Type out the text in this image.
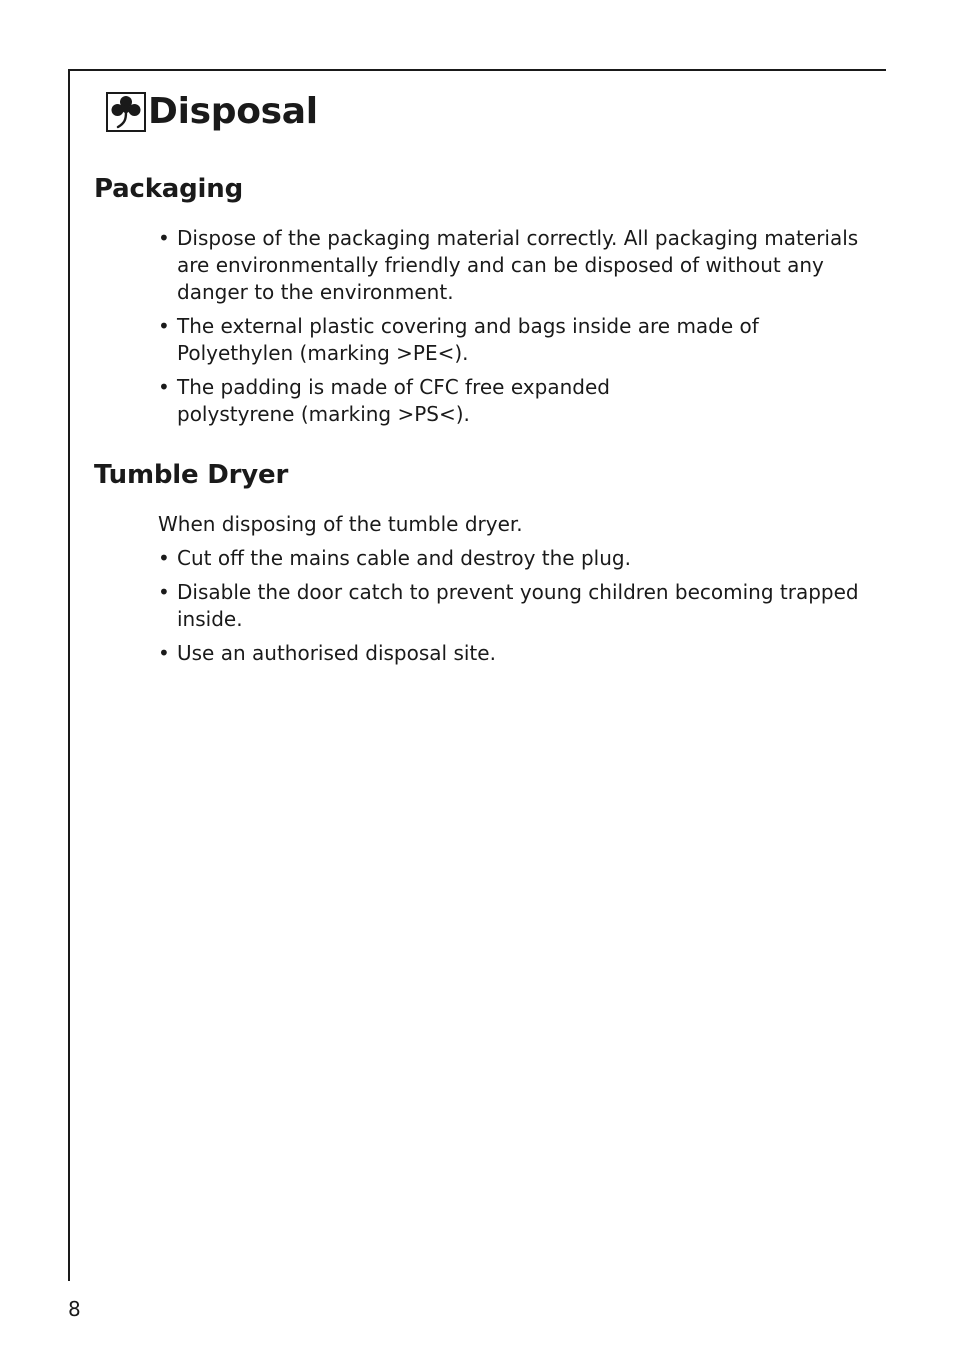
Disposal
Packaging
• Dispose of the packaging material correctly. All packaging materials are environmentally friendly and can be disposed of without any danger to the environment.
• The external plastic covering and bags inside are made of Polyethylen (marking >PE<).
• The padding is made of CFC free expanded polystyrene (marking >PS<).
Tumble Dryer

When disposing of the tumble dryer.

• Cut off the mains cable and destroy the plug.
• Disable the door catch to prevent young children becoming trapped inside.
• Use an authorised disposal site.
8
